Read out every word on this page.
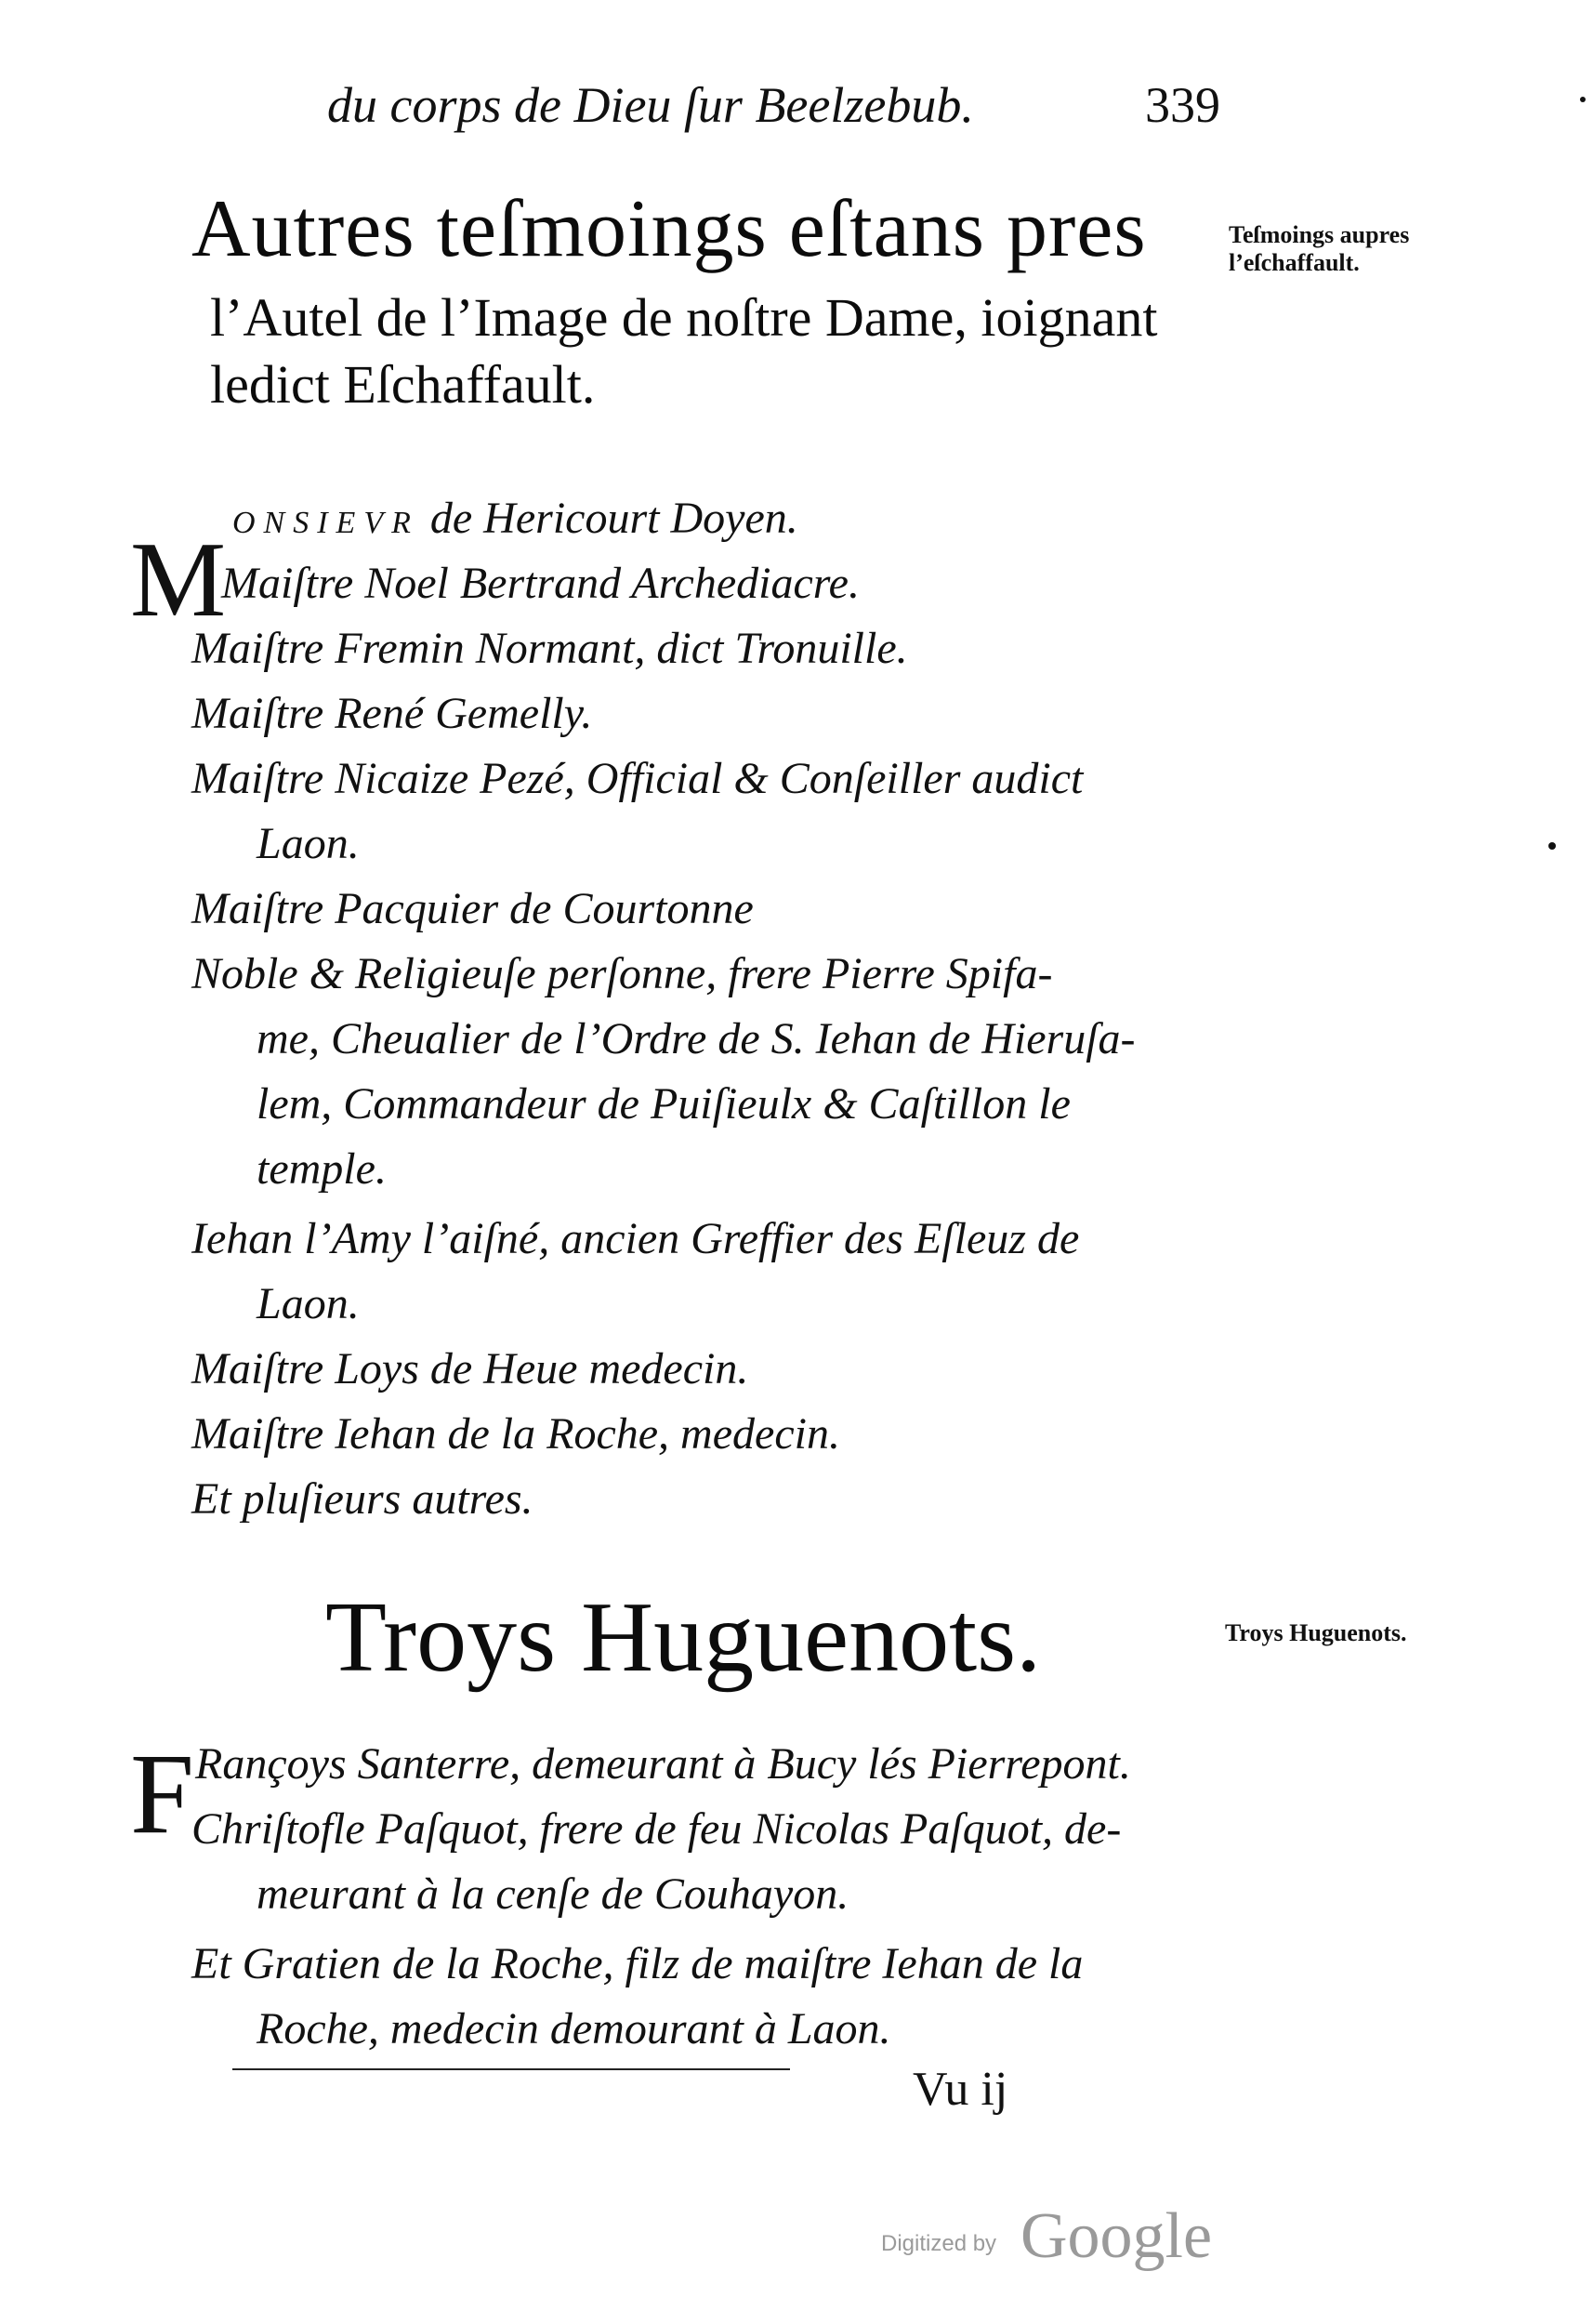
du corps de Dieu ſur Beelzebub.	339
Autres teſmoings eſtans pres
l’Autel de l’Image de noſtre Dame, ioignant
ledict Eſchaffault.
Teſmoings aupres l’eſchaffault.
M ONSIEVR de Hericourt Doyen.
Maiſtre Noel Bertrand Archediacre.
Maiſtre Fremin Normant, dict Tronuille.
Maiſtre René Gemelly.
Maiſtre Nicaize Pezé, Official & Conſeiller audict
Laon.
Maiſtre Pacquier de Courtonne
Noble & Religieuſe perſonne, frere Pierre Spifa-
me, Cheualier de l’Ordre de S. Iehan de Hieruſa-
lem, Commandeur de Puiſieulx & Caſtillon le
temple.
Iehan l’Amy l’aiſné, ancien Greffier des Eſleuz de
Laon.
Maiſtre Loys de Heue medecin.
Maiſtre Iehan de la Roche, medecin.
Et pluſieurs autres.
Troys Huguenots.	Troys Huguenots.
F Rançoys Santerre, demeurant à Bucy lés Pierrepont.
Chriſtofle Paſquot, frere de feu Nicolas Paſquot, de-
meurant à la cenſe de Couhayon.
Et Gratien de la Roche, filz de maiſtre Iehan de la
Roche, medecin demourant à Laon.
Vu ij
Digitized by Google
